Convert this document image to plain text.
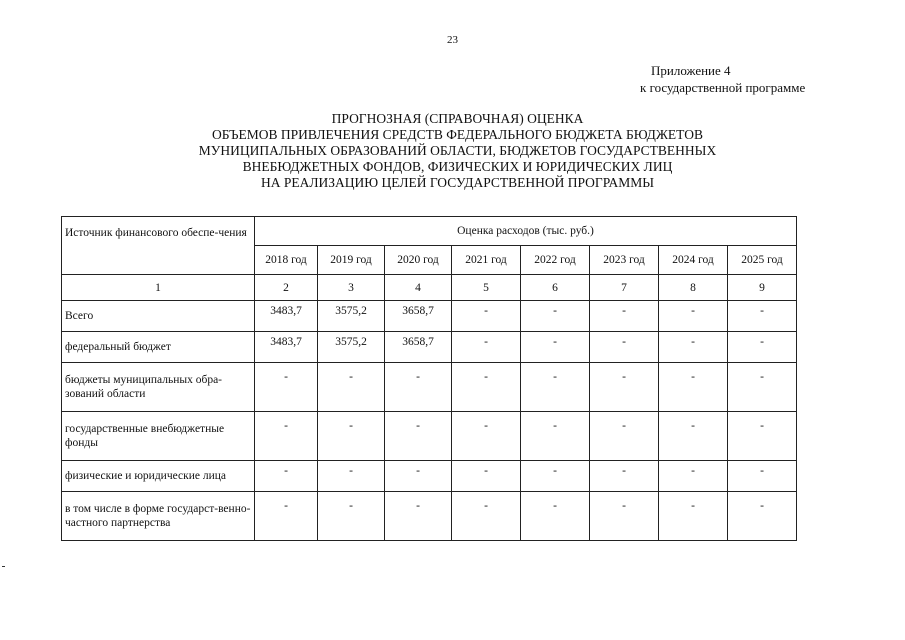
23
Приложение 4
к государственной программе
ПРОГНОЗНАЯ (СПРАВОЧНАЯ) ОЦЕНКА
ОБЪЕМОВ ПРИВЛЕЧЕНИЯ СРЕДСТВ ФЕДЕРАЛЬНОГО БЮДЖЕТА БЮДЖЕТОВ
МУНИЦИПАЛЬНЫХ ОБРАЗОВАНИЙ ОБЛАСТИ, БЮДЖЕТОВ ГОСУДАРСТВЕННЫХ
ВНЕБЮДЖЕТНЫХ ФОНДОВ, ФИЗИЧЕСКИХ И ЮРИДИЧЕСКИХ ЛИЦ
НА РЕАЛИЗАЦИЮ ЦЕЛЕЙ ГОСУДАРСТВЕННОЙ ПРОГРАММЫ
Источник финансового обеспе-чения	Оценка расходов (тыс. руб.)							
	2018 год	2019 год	2020 год	2021 год	2022 год	2023 год	2024 год	2025 год
1	2	3	4	5	6	7	8	9
Всего	3483,7	3575,2	3658,7	-	-	-	-	-
федеральный бюджет	3483,7	3575,2	3658,7	-	-	-	-	-
бюджеты муниципальных обра-зований области	-	-	-	-	-	-	-	-
государственные внебюджетные фонды	-	-	-	-	-	-	-	-
физические и юридические лица	-	-	-	-	-	-	-	-
в том числе в форме государст-венно-частного партнерства	-	-	-	-	-	-	-	-
